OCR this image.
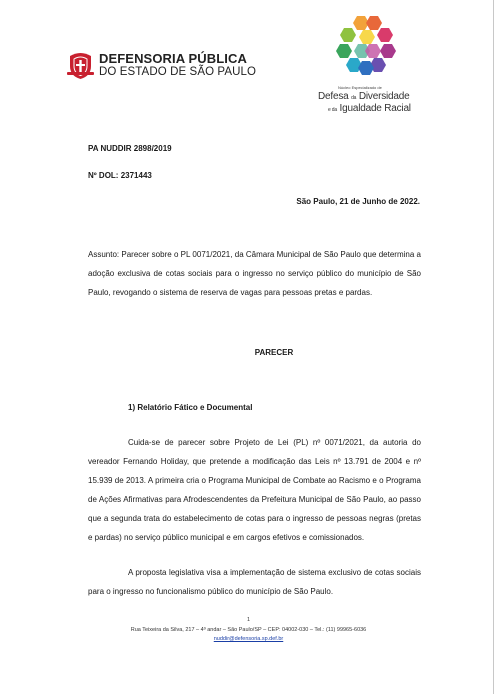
DEFENSORIA PÚBLICA
DO ESTADO DE SÃO PAULO
Núcleo Especializado de
Defesa da Diversidade
e da Igualdade Racial
PA NUDDIR 2898/2019
Nº DOL: 2371443
São Paulo, 21 de Junho de 2022.
Assunto: Parecer sobre o PL 0071/2021, da Câmara Municipal de São Paulo que determina a adoção exclusiva de cotas sociais para o ingresso no serviço público do município de São Paulo, revogando o sistema de reserva de vagas para pessoas pretas e pardas.
PARECER
1) Relatório Fático e Documental
Cuida-se de parecer sobre Projeto de Lei (PL) nº 0071/2021, da autoria do vereador Fernando Holiday, que pretende a modificação das Leis nº 13.791 de 2004 e nº 15.939 de 2013. A primeira cria o Programa Municipal de Combate ao Racismo e o Programa de Ações Afirmativas para Afrodescendentes da Prefeitura Municipal de São Paulo, ao passo que a segunda trata do estabelecimento de cotas para o ingresso de pessoas negras (pretas e pardas) no serviço público municipal e em cargos efetivos e comissionados.
A proposta legislativa visa a implementação de sistema exclusivo de cotas sociais para o ingresso no funcionalismo público do município de São Paulo.
1
Rua Teixeira da Silva, 217 – 4º andar – São Paulo/SP – CEP: 04002-030 – Tel.: (11) 99965-6036
nuddir@defensoria.sp.def.br
